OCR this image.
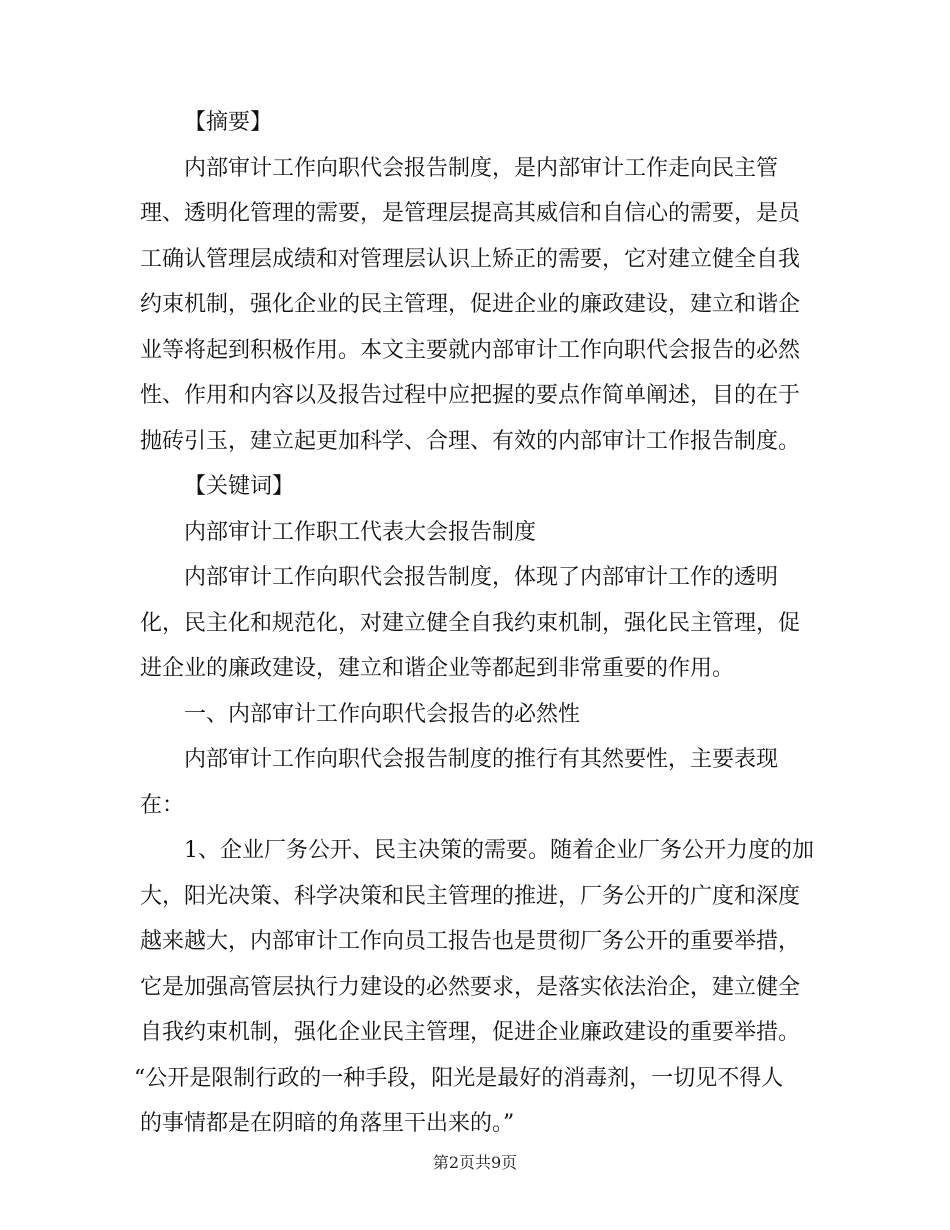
【摘要】
内部审计工作向职代会报告制度，是内部审计工作走向民主管
理、透明化管理的需要，是管理层提高其威信和自信心的需要，是员
工确认管理层成绩和对管理层认识上矫正的需要，它对建立健全自我
约束机制，强化企业的民主管理，促进企业的廉政建设，建立和谐企
业等将起到积极作用。本文主要就内部审计工作向职代会报告的必然
性、作用和内容以及报告过程中应把握的要点作简单阐述，目的在于
抛砖引玉，建立起更加科学、合理、有效的内部审计工作报告制度。
【关键词】
内部审计工作职工代表大会报告制度
内部审计工作向职代会报告制度，体现了内部审计工作的透明
化，民主化和规范化，对建立健全自我约束机制，强化民主管理，促
进企业的廉政建设，建立和谐企业等都起到非常重要的作用。
一、内部审计工作向职代会报告的必然性
内部审计工作向职代会报告制度的推行有其然要性，主要表现
在：
1、企业厂务公开、民主决策的需要。随着企业厂务公开力度的加
大，阳光决策、科学决策和民主管理的推进，厂务公开的广度和深度
越来越大，内部审计工作向员工报告也是贯彻厂务公开的重要举措，
它是加强高管层执行力建设的必然要求，是落实依法治企，建立健全
自我约束机制，强化企业民主管理，促进企业廉政建设的重要举措。
“公开是限制行政的一种手段，阳光是最好的消毒剂，一切见不得人
的事情都是在阴暗的角落里干出来的。”
第2页共9页
